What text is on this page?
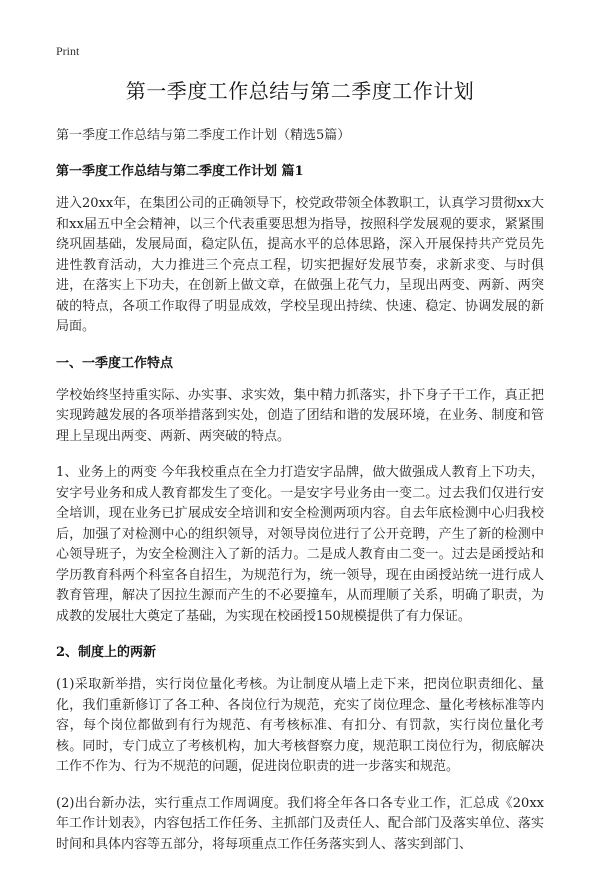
Print
第一季度工作总结与第二季度工作计划
第一季度工作总结与第二季度工作计划（精选5篇）
第一季度工作总结与第二季度工作计划 篇1

进入20xx年，在集团公司的正确领导下，校党政带领全体教职工，认真学习贯彻xx大和xx届五中全会精神，以三个代表重要思想为指导，按照科学发展观的要求，紧紧围绕巩固基础，发展局面，稳定队伍，提高水平的总体思路，深入开展保持共产党员先进性教育活动，大力推进三个亮点工程，切实把握好发展节奏，求新求变、与时俱进，在落实上下功夫，在创新上做文章，在做强上花气力，呈现出两变、两新、两突破的特点，各项工作取得了明显成效，学校呈现出持续、快速、稳定、协调发展的新局面。

一、一季度工作特点

学校始终坚持重实际、办实事、求实效，集中精力抓落实，扑下身子干工作，真正把实现跨越发展的各项举措落到实处，创造了团结和谐的发展环境，在业务、制度和管理上呈现出两变、两新、两突破的特点。

1、业务上的两变 今年我校重点在全力打造安字品牌，做大做强成人教育上下功夫，安字号业务和成人教育都发生了变化。一是安字号业务由一变二。过去我们仅进行安全培训，现在业务已扩展成安全培训和安全检测两项内容。自去年底检测中心归我校后，加强了对检测中心的组织领导，对领导岗位进行了公开竞聘，产生了新的检测中心领导班子，为安全检测注入了新的活力。二是成人教育由二变一。过去是函授站和学历教育科两个科室各自招生，为规范行为，统一领导，现在由函授站统一进行成人教育管理，解决了因拉生源而产生的不必要撞车，从而理顺了关系，明确了职责，为成教的发展壮大奠定了基础，为实现在校函授150规模提供了有力保证。

2、制度上的两新

(1)采取新举措，实行岗位量化考核。为让制度从墙上走下来，把岗位职责细化、量化，我们重新修订了各工种、各岗位行为规范，充实了岗位理念、量化考核标准等内容，每个岗位都做到有行为规范、有考核标准、有扣分、有罚款，实行岗位量化考核。同时，专门成立了考核机构，加大考核督察力度，规范职工岗位行为，彻底解决工作不作为、行为不规范的问题，促进岗位职责的进一步落实和规范。

(2)出台新办法，实行重点工作周调度。我们将全年各口各专业工作，汇总成《20xx年工作计划表》，内容包括工作任务、主抓部门及责任人、配合部门及落实单位、落实时间和具体内容等五部分，将每项重点工作任务落实到人、落实到部门、
